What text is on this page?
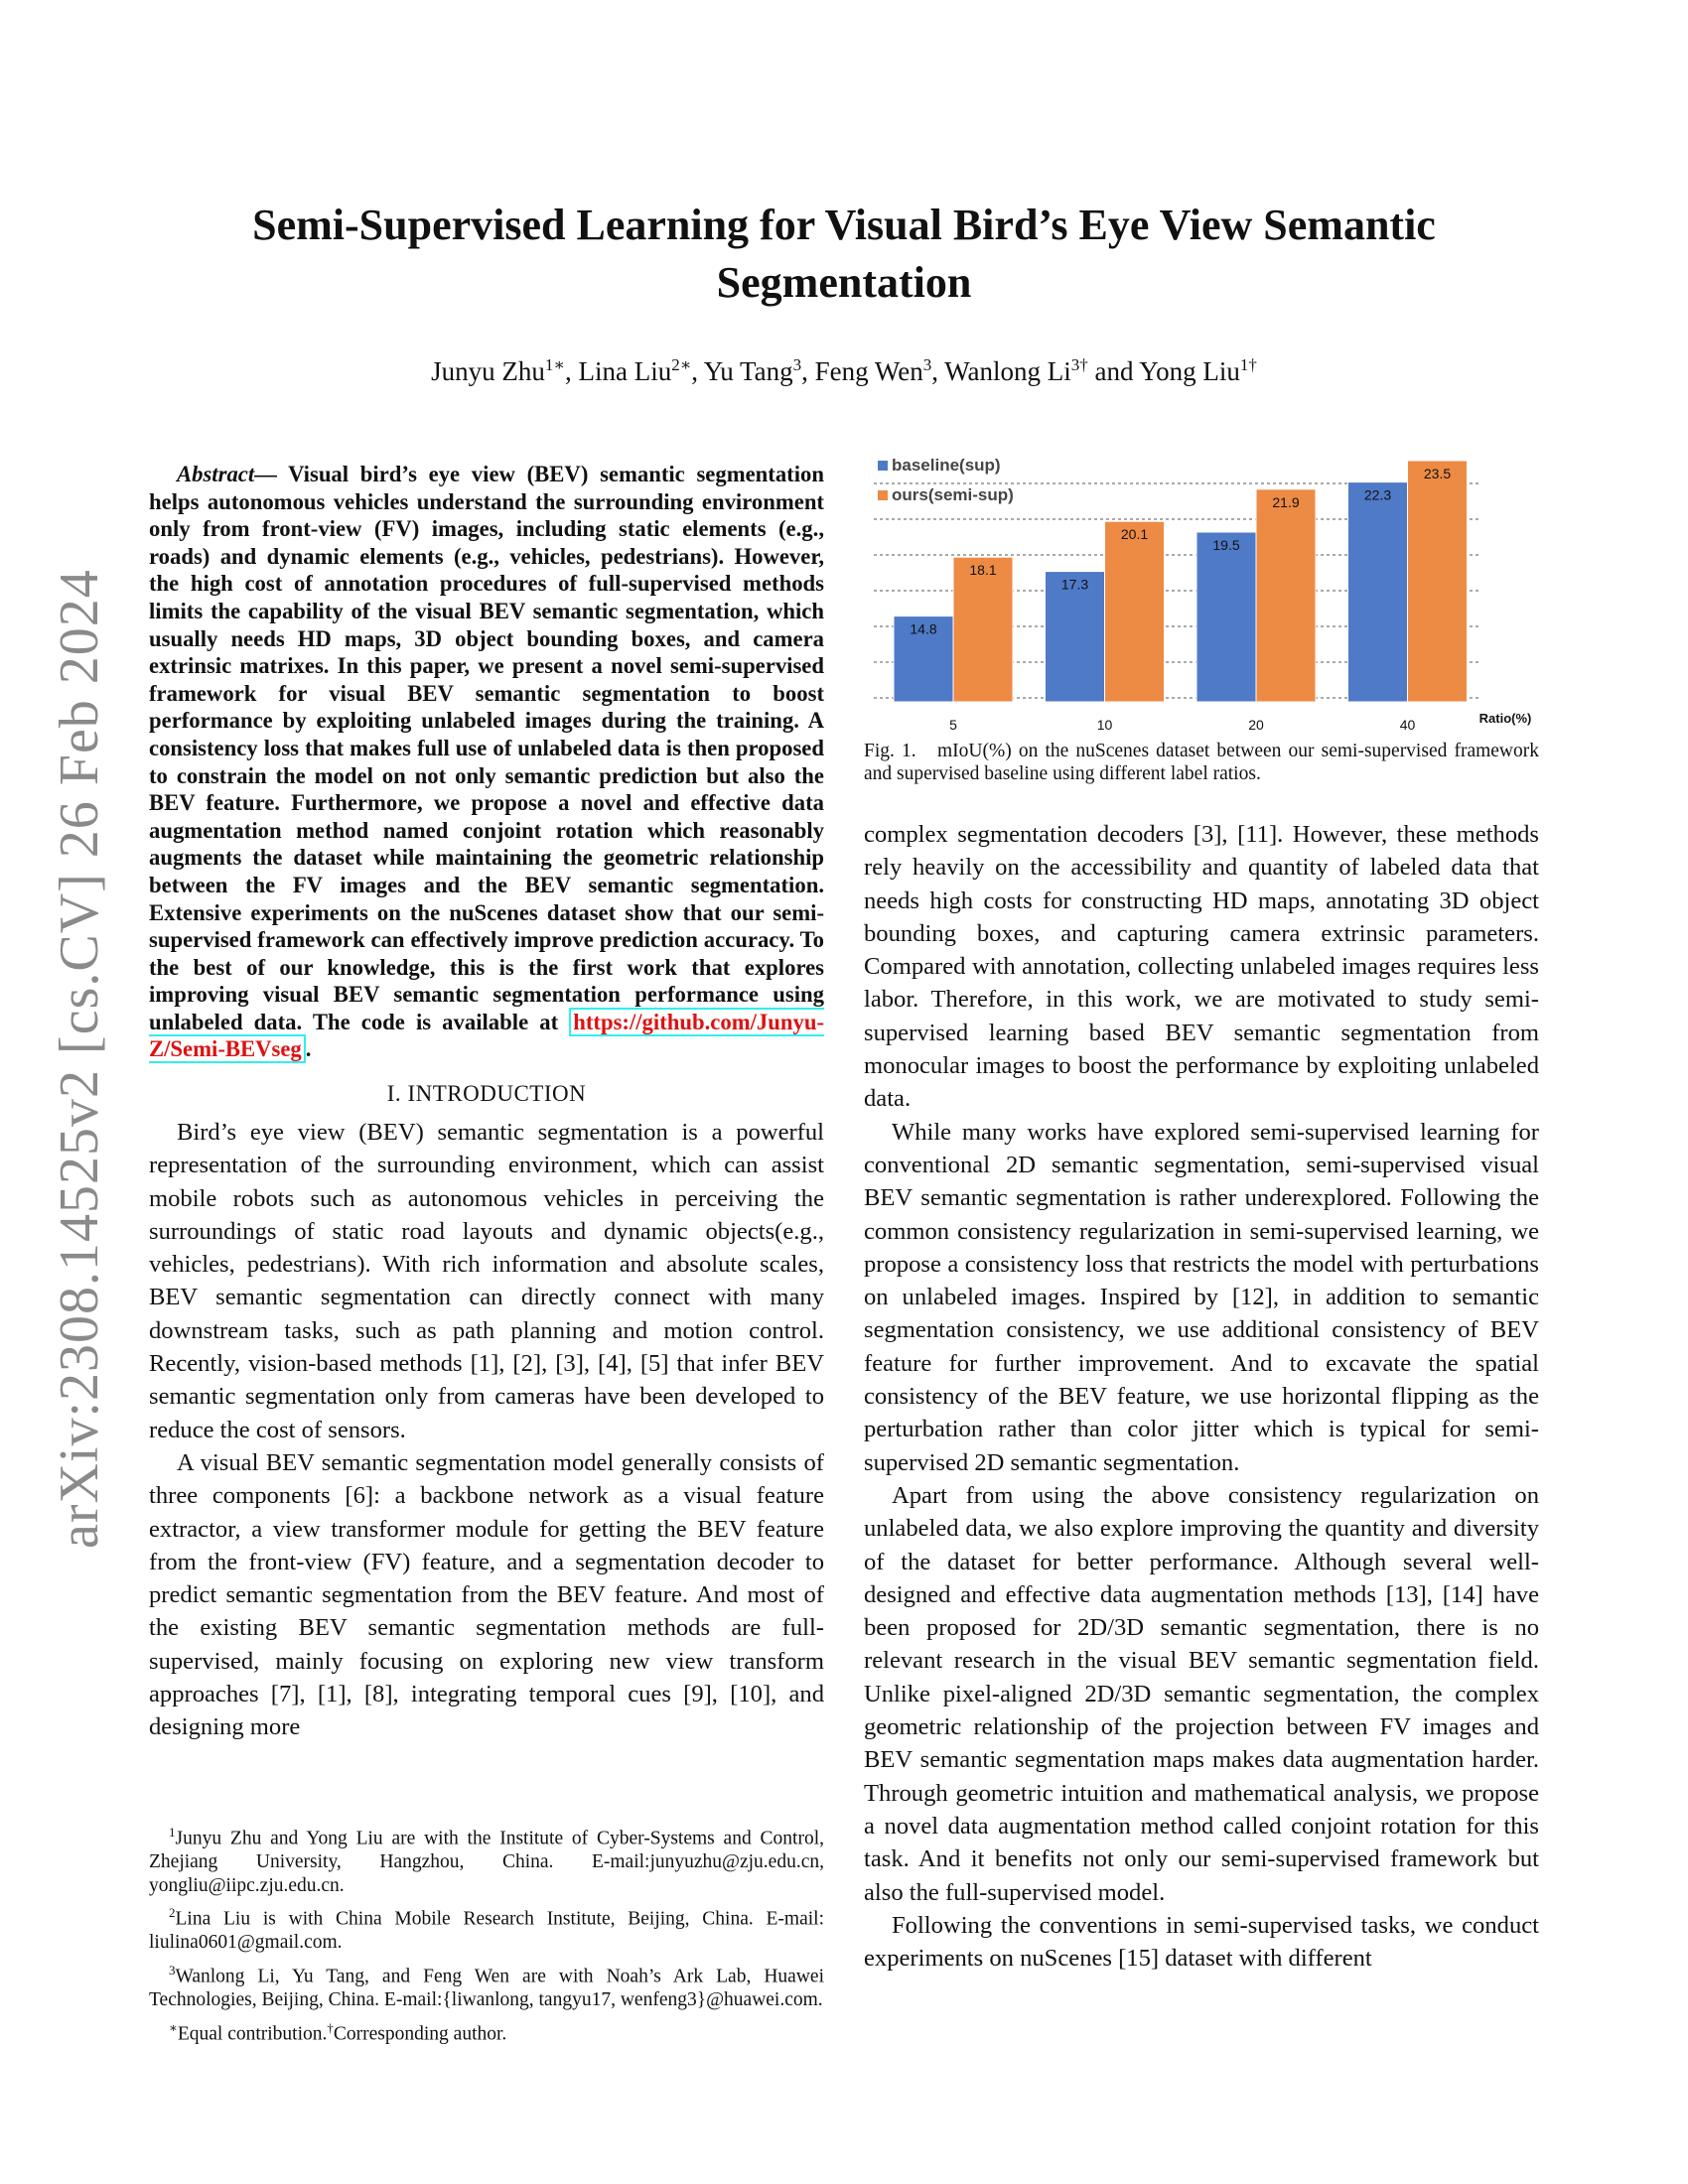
arXiv:2308.14525v2 [cs.CV] 26 Feb 2024
Semi-Supervised Learning for Visual Bird’s Eye View Semantic
Segmentation
Junyu Zhu$^{1∗}$, Lina Liu$^{2∗}$, Yu Tang$^3$, Feng Wen$^3$, Wanlong $Li^{3\dagger}$ and Yong Liu$^{1\dagger}$
Abstract— Visual bird’s eye view (BEV) semantic segmentation helps autonomous vehicles understand the surrounding environment only from front-view (FV) images, including static elements (e.g., roads) and dynamic elements (e.g., vehicles, pedestrians). However, the high cost of annotation procedures of full-supervised methods limits the capability of the visual BEV semantic segmentation, which usually needs HD maps, 3D object bounding boxes, and camera extrinsic matrixes. In this paper, we present a novel semi-supervised framework for visual BEV semantic segmentation to boost performance by exploiting unlabeled images during the training. A consistency loss that makes full use of unlabeled data is then proposed to constrain the model on not only semantic prediction but also the BEV feature. Furthermore, we propose a novel and effective data augmentation method named conjoint rotation which reasonably augments the dataset while maintaining the geometric relationship between the FV images and the BEV semantic segmentation. Extensive experiments on the nuScenes dataset show that our semi-supervised framework can effectively improve prediction accuracy. To the best of our knowledge, this is the first work that explores improving visual BEV semantic segmentation performance using unlabeled data. The code is available at https://github.com/Junyu-Z/Semi-BEVseg .
I. INTRODUCTION

Bird’s eye view (BEV) semantic segmentation is a powerful representation of the surrounding environment, which can assist mobile robots such as autonomous vehicles in perceiving the surroundings of static road layouts and dynamic objects(e.g., vehicles, pedestrians). With rich information and absolute scales, BEV semantic segmentation can directly connect with many downstream tasks, such as path planning and motion control. Recently, vision-based methods [1], [2], [3], [4], [5] that infer BEV semantic segmentation only from cameras have been developed to reduce the cost of sensors.

A visual BEV semantic segmentation model generally consists of three components [6]: a backbone network as a visual feature extractor, a view transformer module for getting the BEV feature from the front-view (FV) feature, and a segmentation decoder to predict semantic segmentation from the BEV feature. And most of the existing BEV semantic segmentation methods are full-supervised, mainly focusing on exploring new view transform approaches [7], [1], [8], integrating temporal cues [9], [10], and designing more

$^1$Junyu Zhu and Yong Liu are with the Institute of Cyber-Systems and Control, Zhejiang University, Hangzhou, China. E-mail:junyuzhu@zju.edu.cn, yongliu@iipc.zju.edu.cn.

$^2$Lina Liu is with China Mobile Research Institute, Beijing, China. E-mail: liulina0601@gmail.com.

$^3$Wanlong Li, Yu Tang, and Feng Wen are with Noah’s Ark Lab, Huawei Technologies, Beijing, China. E-mail:{liwanlong, tangyu17, wenfeng3}@huawei.com.

∗Equal contribution.†Corresponding author.

baseline(sup)
ours(semi-sup)
14.8
18.1
5
17.3
20.1
10
19.5
21.9
20
22.3
23.5
40	Ratio(%)
Fig. 1. mIoU(%) on the nuScenes dataset between our semi-supervised framework and supervised baseline using different label ratios.

complex segmentation decoders [3], [11]. However, these methods rely heavily on the accessibility and quantity of labeled data that needs high costs for constructing HD maps, annotating 3D object bounding boxes, and capturing camera extrinsic parameters. Compared with annotation, collecting unlabeled images requires less labor. Therefore, in this work, we are motivated to study semi-supervised learning based BEV semantic segmentation from monocular images to boost the performance by exploiting unlabeled data.

While many works have explored semi-supervised learning for conventional 2D semantic segmentation, semi-supervised visual BEV semantic segmentation is rather underexplored. Following the common consistency regularization in semi-supervised learning, we propose a consistency loss that restricts the model with perturbations on unlabeled images. Inspired by [12], in addition to semantic segmentation consistency, we use additional consistency of BEV feature for further improvement. And to excavate the spatial consistency of the BEV feature, we use horizontal flipping as the perturbation rather than color jitter which is typical for semi-supervised 2D semantic segmentation.

Apart from using the above consistency regularization on unlabeled data, we also explore improving the quantity and diversity of the dataset for better performance. Although several well-designed and effective data augmentation methods [13], [14] have been proposed for 2D/3D semantic segmentation, there is no relevant research in the visual BEV semantic segmentation field. Unlike pixel-aligned 2D/3D semantic segmentation, the complex geometric relationship of the projection between FV images and BEV semantic segmentation maps makes data augmentation harder. Through geometric intuition and mathematical analysis, we propose a novel data augmentation method called conjoint rotation for this task. And it benefits not only our semi-supervised framework but also the full-supervised model.

Following the conventions in semi-supervised tasks, we conduct experiments on nuScenes [15] dataset with different
